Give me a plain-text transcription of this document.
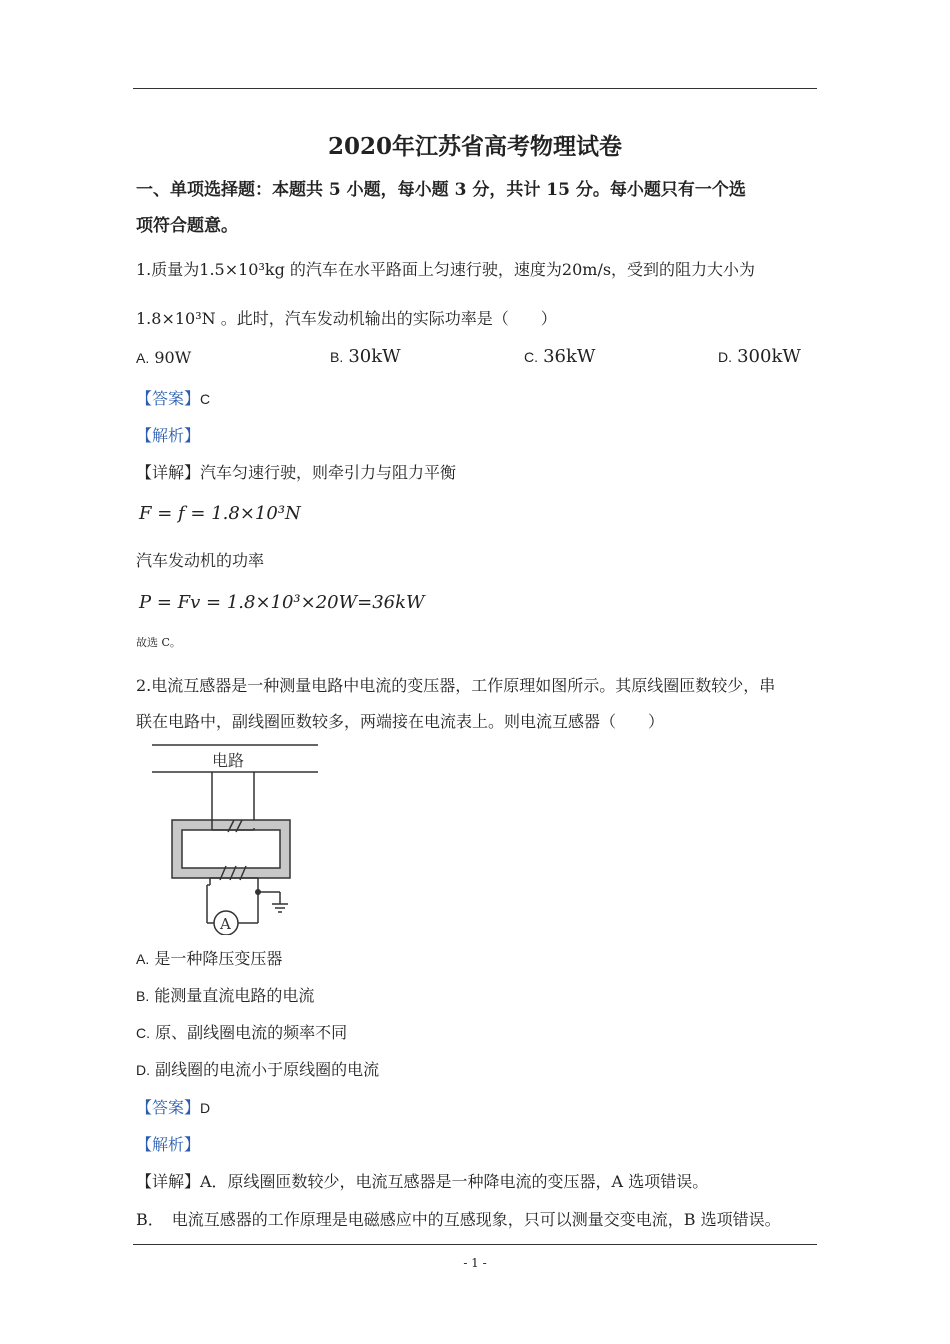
2020年江苏省高考物理试卷
一、单项选择题：本题共 5 小题，每小题 3 分，共计 15 分。每小题只有一个选
项符合题意。
1.质量为1.5×10³kg 的汽车在水平路面上匀速行驶，速度为20m/s，受到的阻力大小为
1.8×10³N 。此时，汽车发动机输出的实际功率是（　　）
A. 90W	B. 30kW	C. 36kW	D. 300kW
【答案】C
【解析】
【详解】汽车匀速行驶，则牵引力与阻力平衡
F = f = 1.8×10³N
汽车发动机的功率
P = Fv = 1.8×10³×20W=36kW
故选 C。
2.电流互感器是一种测量电路中电流的变压器，工作原理如图所示。其原线圈匝数较少，串
联在电路中，副线圈匝数较多，两端接在电流表上。则电流互感器（　　）
电路
A
A. 是一种降压变压器
B. 能测量直流电路的电流
C. 原、副线圈电流的频率不同
D. 副线圈的电流小于原线圈的电流
【答案】D
【解析】
【详解】A．原线圈匝数较少，电流互感器是一种降电流的变压器，A 选项错误。
B．　电流互感器的工作原理是电磁感应中的互感现象，只可以测量交变电流，B 选项错误。
- 1 -
